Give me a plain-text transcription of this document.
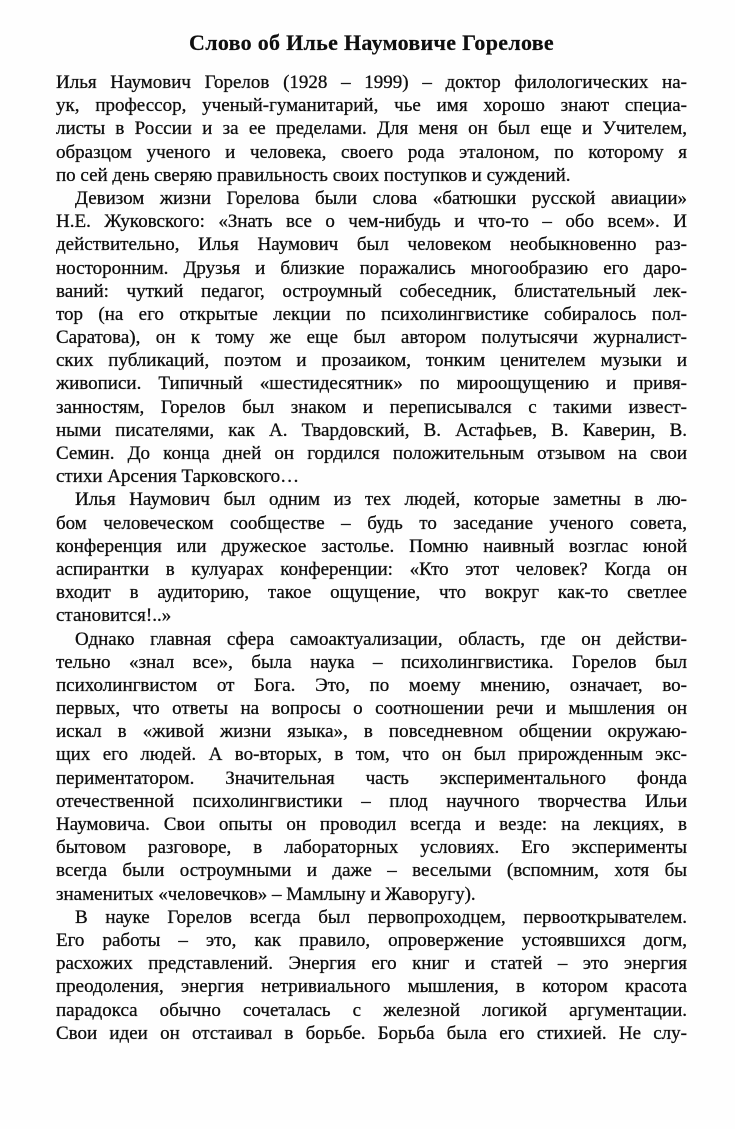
Слово об Илье Наумовиче Горелове
Илья Наумович Горелов (1928 – 1999) – доктор филологических на-
ук, профессор, ученый-гуманитарий, чье имя хорошо знают специа-
листы в России и за ее пределами. Для меня он был еще и Учителем,
образцом ученого и человека, своего рода эталоном, по которому я
по сей день сверяю правильность своих поступков и суждений.
Девизом жизни Горелова были слова «батюшки русской авиации»
Н.Е. Жуковского: «Знать все о чем-нибудь и что-то – обо всем». И
действительно, Илья Наумович был человеком необыкновенно раз-
носторонним. Друзья и близкие поражались многообразию его даро-
ваний: чуткий педагог, остроумный собеседник, блистательный лек-
тор (на его открытые лекции по психолингвистике собиралось пол-
Саратова), он к тому же еще был автором полутысячи журналист-
ских публикаций, поэтом и прозаиком, тонким ценителем музыки и
живописи. Типичный «шестидесятник» по мироощущению и привя-
занностям, Горелов был знаком и переписывался с такими извест-
ными писателями, как А. Твардовский, В. Астафьев, В. Каверин, В.
Семин. До конца дней он гордился положительным отзывом на свои
стихи Арсения Тарковского…
Илья Наумович был одним из тех людей, которые заметны в лю-
бом человеческом сообществе – будь то заседание ученого совета,
конференция или дружеское застолье. Помню наивный возглас юной
аспирантки в кулуарах конференции: «Кто этот человек? Когда он
входит в аудиторию, такое ощущение, что вокруг как-то светлее
становится!..»
Однако главная сфера самоактуализации, область, где он действи-
тельно «знал все», была наука – психолингвистика. Горелов был
психолингвистом от Бога. Это, по моему мнению, означает, во-
первых, что ответы на вопросы о соотношении речи и мышления он
искал в «живой жизни языка», в повседневном общении окружаю-
щих его людей. А во-вторых, в том, что он был прирожденным экс-
периментатором. Значительная часть экспериментального фонда
отечественной психолингвистики – плод научного творчества Ильи
Наумовича. Свои опыты он проводил всегда и везде: на лекциях, в
бытовом разговоре, в лабораторных условиях. Его эксперименты
всегда были остроумными и даже – веселыми (вспомним, хотя бы
знаменитых «человечков» – Мамлыну и Жаворугу).
В науке Горелов всегда был первопроходцем, первооткрывателем.
Его работы – это, как правило, опровержение устоявшихся догм,
расхожих представлений. Энергия его книг и статей – это энергия
преодоления, энергия нетривиального мышления, в котором красота
парадокса обычно сочеталась с железной логикой аргументации.
Свои идеи он отстаивал в борьбе. Борьба была его стихией. Не слу-
